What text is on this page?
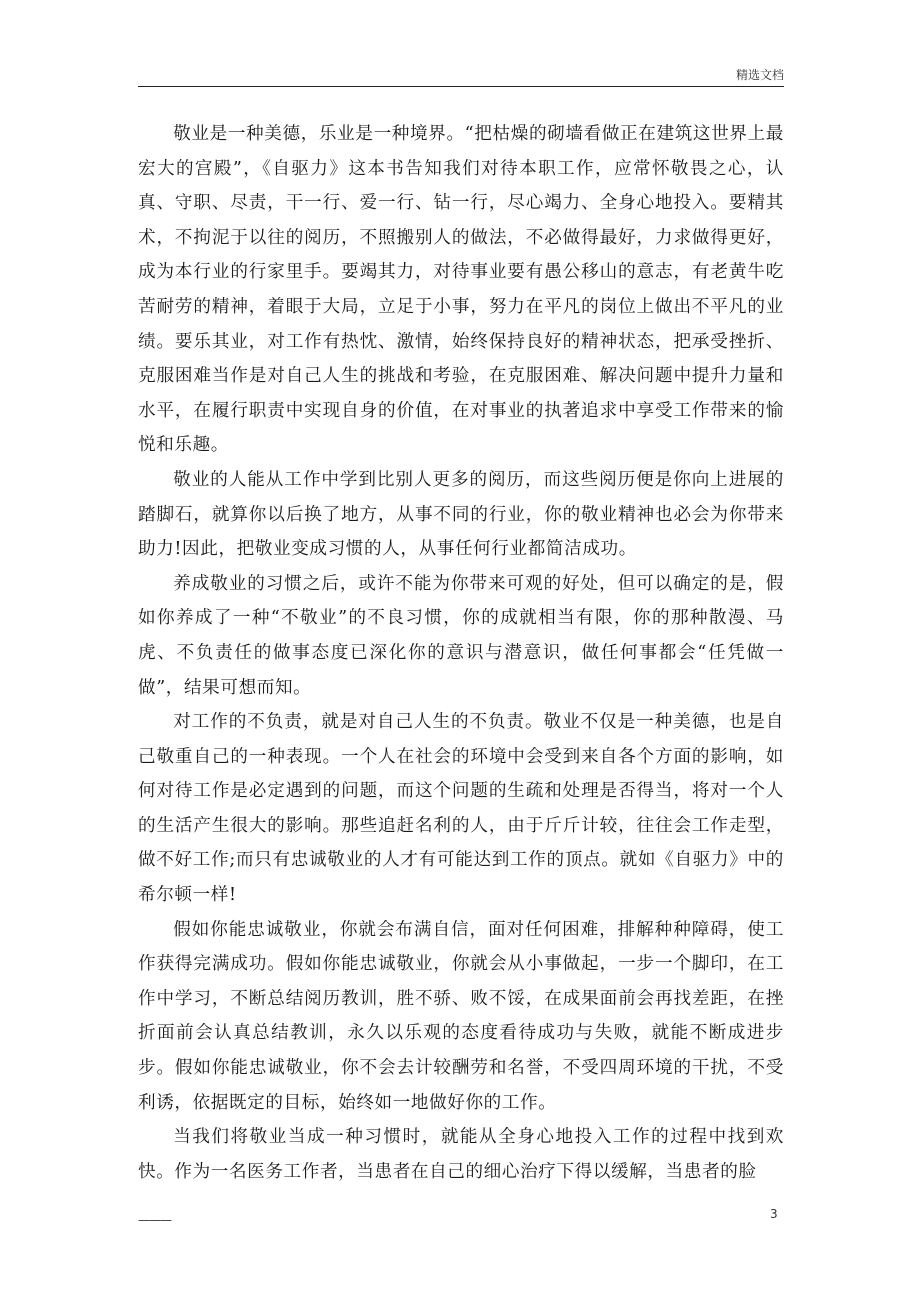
精选文档

敬业是一种美德，乐业是一种境界。“把枯燥的砌墙看做正在建筑这世界上最宏大的宫殿”，《自驱力》这本书告知我们对待本职工作，应常怀敬畏之心，认真、守职、尽责，干一行、爱一行、钻一行，尽心竭力、全身心地投入。要精其术，不拘泥于以往的阅历，不照搬别人的做法，不必做得最好，力求做得更好，成为本行业的行家里手。要竭其力，对待事业要有愚公移山的意志，有老黄牛吃苦耐劳的精神，着眼于大局，立足于小事，努力在平凡的岗位上做出不平凡的业绩。要乐其业，对工作有热忱、激情，始终保持良好的精神状态，把承受挫折、克服困难当作是对自己人生的挑战和考验，在克服困难、解决问题中提升力量和水平，在履行职责中实现自身的价值，在对事业的执著追求中享受工作带来的愉悦和乐趣。

敬业的人能从工作中学到比别人更多的阅历，而这些阅历便是你向上进展的踏脚石，就算你以后换了地方，从事不同的行业，你的敬业精神也必会为你带来助力!因此，把敬业变成习惯的人，从事任何行业都简洁成功。

养成敬业的习惯之后，或许不能为你带来可观的好处，但可以确定的是，假如你养成了一种“不敬业”的不良习惯，你的成就相当有限，你的那种散漫、马虎、不负责任的做事态度已深化你的意识与潜意识，做任何事都会“任凭做一做”，结果可想而知。

对工作的不负责，就是对自己人生的不负责。敬业不仅是一种美德，也是自己敬重自己的一种表现。一个人在社会的环境中会受到来自各个方面的影响，如何对待工作是必定遇到的问题，而这个问题的生疏和处理是否得当，将对一个人的生活产生很大的影响。那些追赶名利的人，由于斤斤计较，往往会工作走型，做不好工作;而只有忠诚敬业的人才有可能达到工作的顶点。就如《自驱力》中的希尔顿一样!

假如你能忠诚敬业，你就会布满自信，面对任何困难，排解种种障碍，使工作获得完满成功。假如你能忠诚敬业，你就会从小事做起，一步一个脚印，在工作中学习，不断总结阅历教训，胜不骄、败不馁，在成果面前会再找差距，在挫折面前会认真总结教训，永久以乐观的态度看待成功与失败，就能不断成进步步。假如你能忠诚敬业，你不会去计较酬劳和名誉，不受四周环境的干扰，不受利诱，依据既定的目标，始终如一地做好你的工作。

当我们将敬业当成一种习惯时，就能从全身心地投入工作的过程中找到欢快。作为一名医务工作者，当患者在自己的细心治疗下得以缓解，当患者的脸

———	3
